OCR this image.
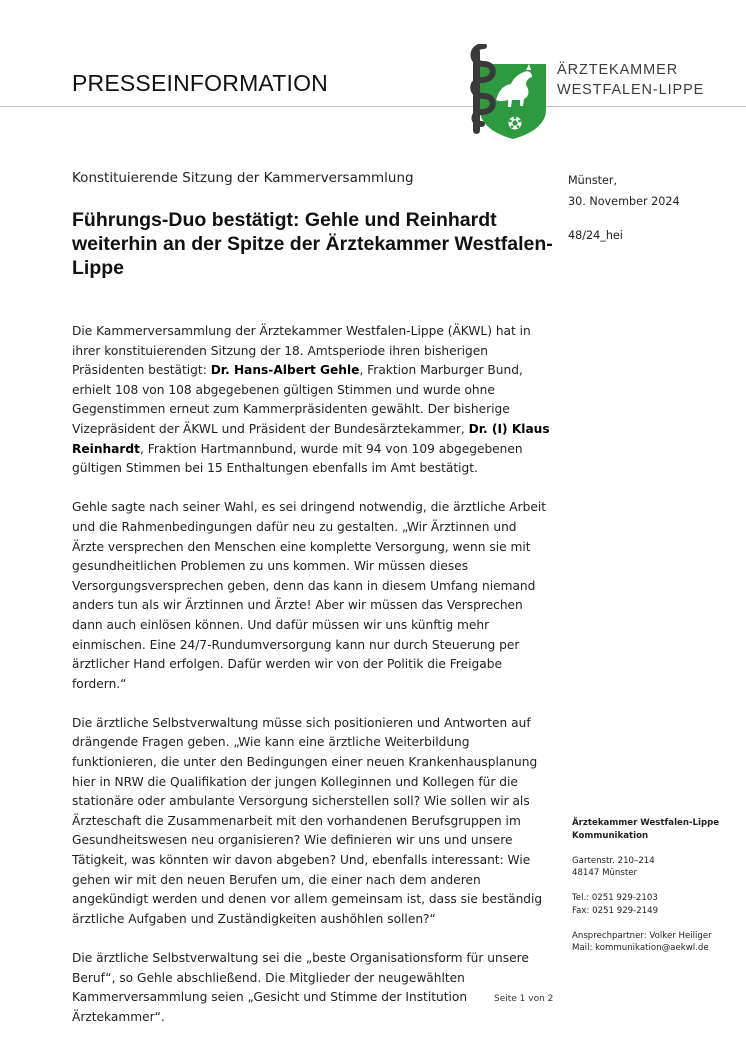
PRESSEINFORMATION	ÄRZTEKAMMER
WESTFALEN-LIPPE
Konstituierende Sitzung der Kammerversammlung
Führungs-Duo bestätigt: Gehle und Reinhardt weiterhin an der Spitze der Ärztekammer Westfalen-Lippe
Münster,
30. November 2024
48/24_hei

Die Kammerversammlung der Ärztekammer Westfalen-Lippe (ÄKWL) hat in ihrer konstituierenden Sitzung der 18. Amtsperiode ihren bisherigen Präsidenten bestätigt: Dr. Hans-Albert Gehle, Fraktion Marburger Bund, erhielt 108 von 108 abgegebenen gültigen Stimmen und wurde ohne Gegenstimmen erneut zum Kammerpräsidenten gewählt. Der bisherige Vizepräsident der ÄKWL und Präsident der Bundesärztekammer, Dr. (I) Klaus Reinhardt, Fraktion Hartmannbund, wurde mit 94 von 109 abgegebenen gültigen Stimmen bei 15 Enthaltungen ebenfalls im Amt bestätigt.

Gehle sagte nach seiner Wahl, es sei dringend notwendig, die ärztliche Arbeit und die Rahmenbedingungen dafür neu zu gestalten. „Wir Ärztinnen und Ärzte versprechen den Menschen eine komplette Versorgung, wenn sie mit gesundheitlichen Problemen zu uns kommen. Wir müssen dieses Versorgungsversprechen geben, denn das kann in diesem Umfang niemand anders tun als wir Ärztinnen und Ärzte! Aber wir müssen das Versprechen dann auch einlösen können. Und dafür müssen wir uns künftig mehr einmischen. Eine 24/7-Rundumversorgung kann nur durch Steuerung per ärztlicher Hand erfolgen. Dafür werden wir von der Politik die Freigabe fordern.“

Die ärztliche Selbstverwaltung müsse sich positionieren und Antworten auf drängende Fragen geben. „Wie kann eine ärztliche Weiterbildung funktionieren, die unter den Bedingungen einer neuen Krankenhausplanung hier in NRW die Qualifikation der jungen Kolleginnen und Kollegen für die stationäre oder ambulante Versorgung sicherstellen soll? Wie sollen wir als Ärzteschaft die Zusammenarbeit mit den vorhandenen Berufsgruppen im Gesundheitswesen neu organisieren? Wie definieren wir uns und unsere Tätigkeit, was könnten wir davon abgeben? Und, ebenfalls interessant: Wie gehen wir mit den neuen Berufen um, die einer nach dem anderen angekündigt werden und denen vor allem gemeinsam ist, dass sie beständig ärztliche Aufgaben und Zuständigkeiten aushöhlen sollen?“

Die ärztliche Selbstverwaltung sei die „beste Organisationsform für unsere Beruf“, so Gehle abschließend. Die Mitglieder der neugewählten Kammerversammlung seien „Gesicht und Stimme der Institution Ärztekammer“.

Ärztekammer Westfalen-Lippe
Kommunikation
Gartenstr. 210–214
48147 Münster
Tel.: 0251 929-2103
Fax: 0251 929-2149
Ansprechpartner: Volker Heiliger
Mail: kommunikation@aekwl.de
Seite 1 von 2
